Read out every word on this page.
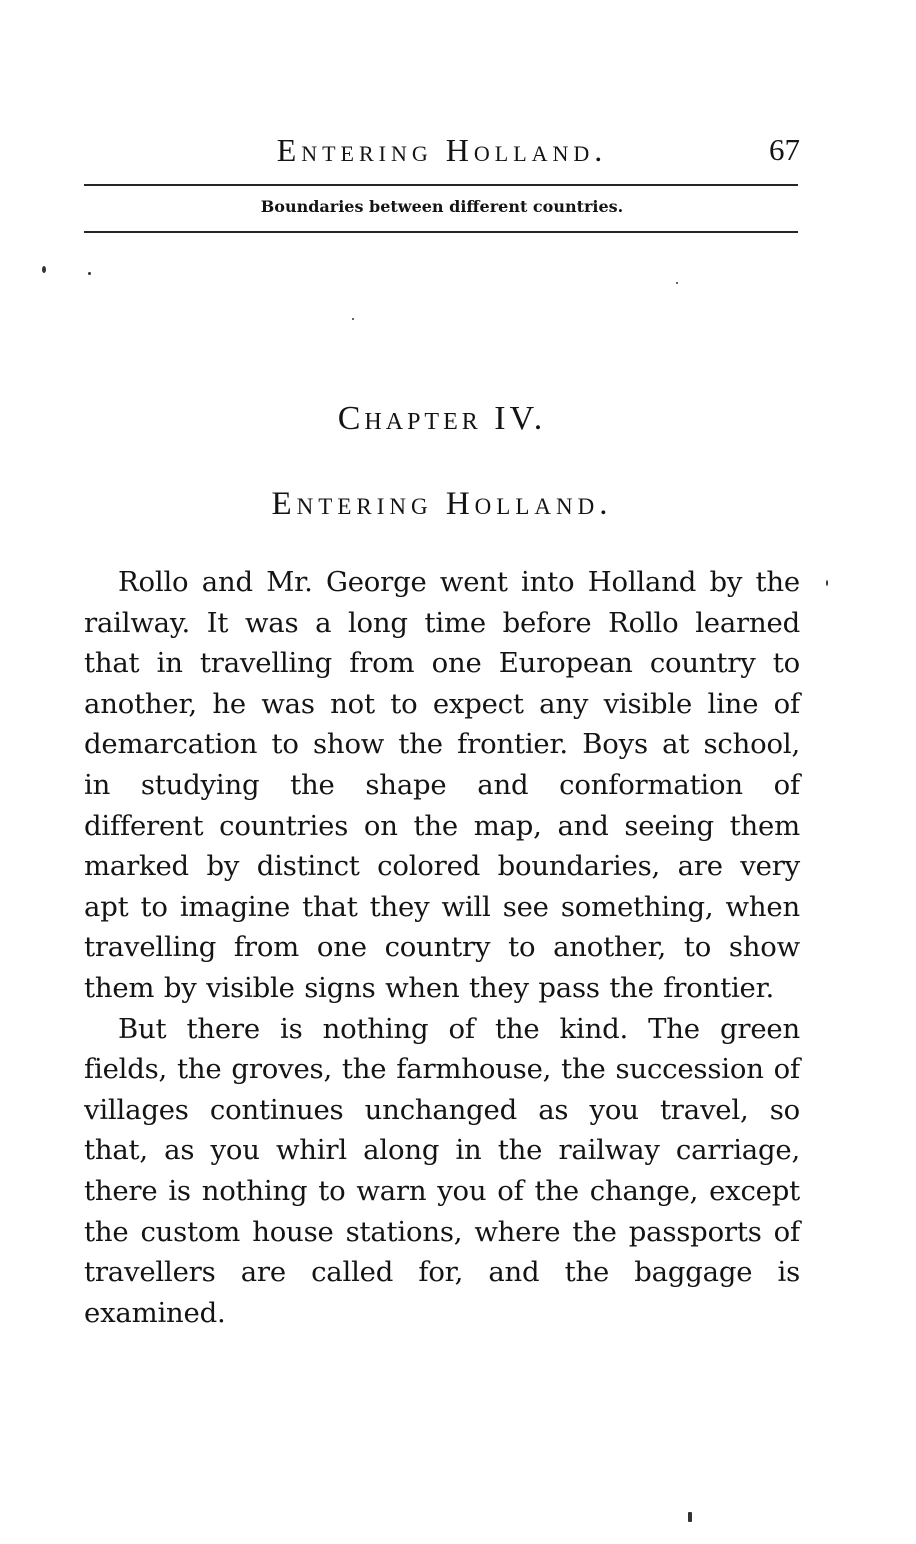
Entering Holland.	67
Boundaries between different countries.
Chapter IV.
Entering Holland.

Rollo and Mr. George went into Holland by the railway. It was a long time before Rollo learned that in travelling from one European country to another, he was not to expect any visible line of demarcation to show the frontier. Boys at school, in studying the shape and conformation of different countries on the map, and seeing them marked by distinct colored boundaries, are very apt to imagine that they will see something, when travelling from one country to another, to show them by visible signs when they pass the frontier.

But there is nothing of the kind. The green fields, the groves, the farmhouse, the succession of villages continues unchanged as you travel, so that, as you whirl along in the railway carriage, there is nothing to warn you of the change, except the custom house stations, where the passports of travellers are called for, and the baggage is examined.
